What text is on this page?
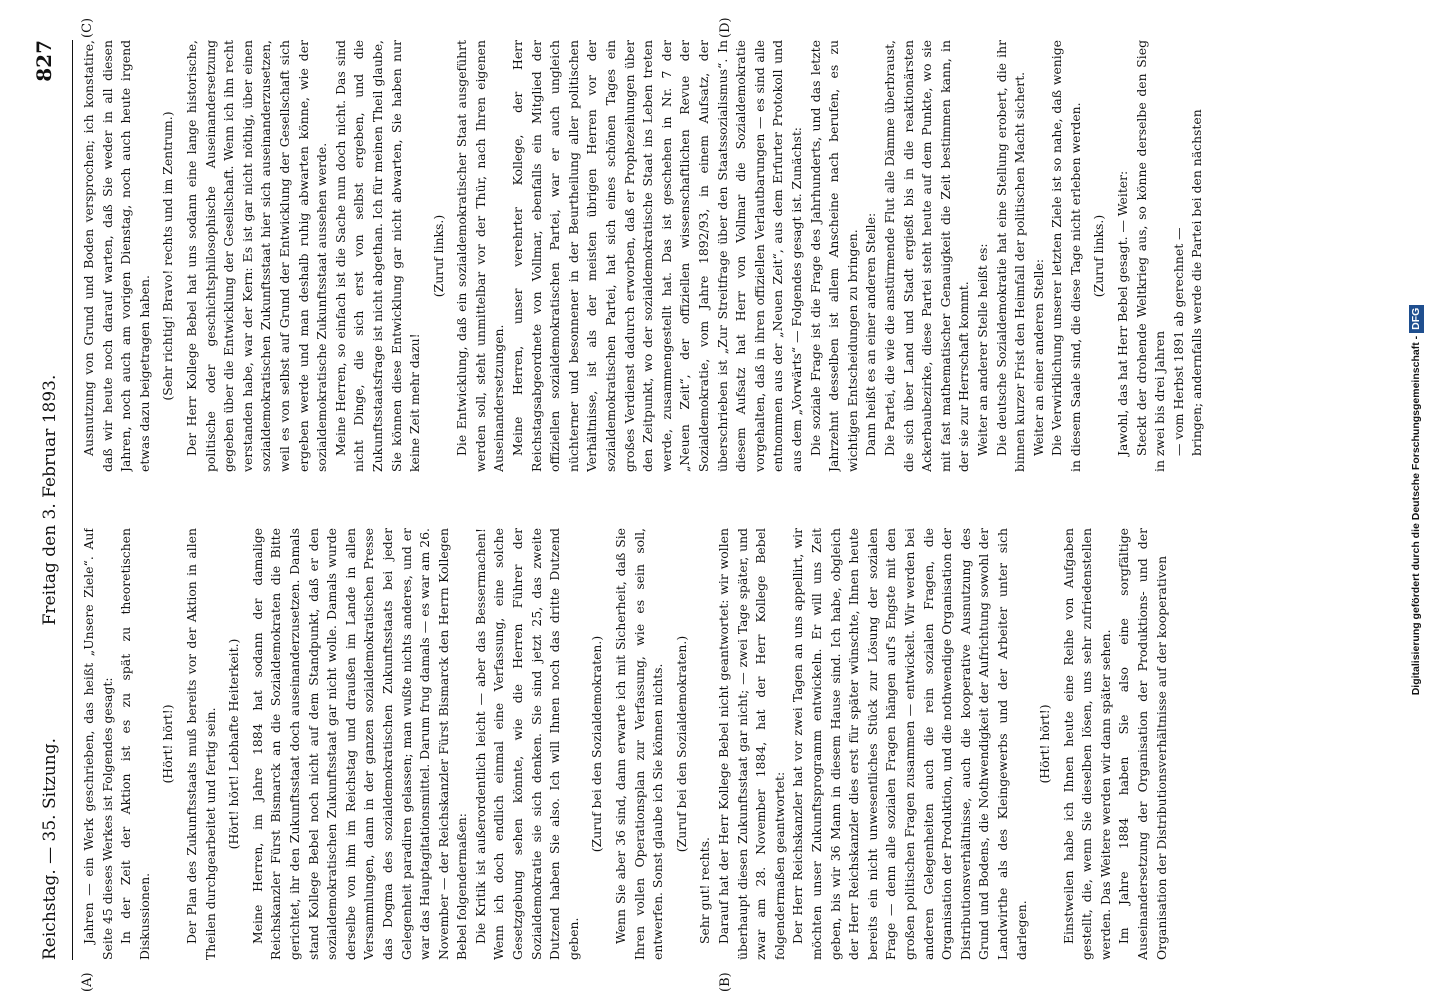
Reichstag. — 35. Sitzung.
Freitag den 3. Februar 1893.
827
(A)	(B)
(C)	(D)

Jahren — ein Werk geschrieben, das heißt „Unsere Ziele“. Auf Seite 45 dieses Werkes ist Folgendes gesagt: In der Zeit der Aktion ist es zu spät zu theoretischen Diskussionen.

(Hört! hört!) Der Plan des Zukunftsstaats muß bereits vor der Aktion in allen Theilen durchgearbeitet und fertig sein. (Hört! hört! Lebhafte Heiterkeit.) Meine Herren, im Jahre 1884 hat sodann der damalige Reichskanzler Fürst Bismarck an die Sozialdemokraten die Bitte gerichtet, ihr den Zukunftsstaat doch auseinanderzusetzen. Damals stand Kollege Bebel noch nicht auf dem Standpunkt, daß er den sozialdemokratischen Zukunftsstaat gar nicht wolle. Damals wurde derselbe von ihm im Reichstag und draußen im Lande in allen Versammlungen, dann in der ganzen sozialdemokratischen Presse das Dogma des sozialdemokratischen Zukunftsstaats bei jeder Gelegenheit paradiren gelassen; man wußte nichts anderes, und er war das Hauptagitationsmittel. Darum frug damals — es war am 26. November — der Reichskanzler Fürst Bismarck den Herrn Kollegen Bebel folgendermaßen: Die Kritik ist außerordentlich leicht — aber das Bessermachen! Wenn ich doch endlich einmal eine Verfassung, eine solche Gesetzgebung sehen könnte, wie die Herren Führer der Sozialdemokratie sie sich denken. Sie sind jetzt 25, das zweite Dutzend haben Sie also. Ich will Ihnen noch das dritte Dutzend geben.

(Zuruf bei den Sozialdemokraten.) Wenn Sie aber 36 sind, dann erwarte ich mit Sicherheit, daß Sie Ihren vollen Operationsplan zur Verfassung, wie es sein soll, entwerfen. Sonst glaube ich Sie können nichts. (Zuruf bei den Sozialdemokraten.)

Sehr gut! rechts. Darauf hat der Herr Kollege Bebel nicht geantwortet: wir wollen überhaupt diesen Zukunftsstaat gar nicht; — zwei Tage später, und zwar am 28. November 1884, hat der Herr Kollege Bebel folgendermaßen geantwortet: Der Herr Reichskanzler hat vor zwei Tagen an uns appellirt, wir möchten unser Zukunftsprogramm entwickeln. Er will uns Zeit geben, bis wir 36 Mann in diesem Hause sind. Ich habe, obgleich der Herr Reichskanzler dies erst für später wünschte, Ihnen heute bereits ein nicht unwesentliches Stück zur Lösung der sozialen Frage — denn alle sozialen Fragen hängen auf's Engste mit den großen politischen Fragen zusammen — entwickelt. Wir werden bei anderen Gelegenheiten auch die rein sozialen Fragen, die Organisation der Produktion, und die nothwendige Organisation der Distributionsverhältnisse, auch die kooperative Ausnutzung des Grund und Bodens, die Nothwendigkeit der Aufrichtung sowohl der Landwirthe als des Kleingewerbs und der Arbeiter unter sich darlegen.

(Hört! hört!) Einstweilen habe ich Ihnen heute eine Reihe von Aufgaben gestellt, die, wenn Sie dieselben lösen, uns sehr zufriedenstellen werden. Das Weitere werden wir dann später sehen. Im Jahre 1884 haben Sie also eine sorgfältige Auseinandersetzung der Organisation der Produktions- und der Organisation der Distributionsverhältnisse auf der kooperativen

Ausnutzung von Grund und Boden versprochen; ich konstatire, daß wir heute noch darauf warten, daß Sie weder in all diesen Jahren, noch auch am vorigen Dienstag, noch auch heute irgend etwas dazu beigetragen haben. (Sehr richtig! Bravo! rechts und im Zentrum.) Der Herr Kollege Bebel hat uns sodann eine lange historische, politische oder geschichtsphilosophische Auseinandersetzung gegeben über die Entwicklung der Gesellschaft. Wenn ich ihn recht verstanden habe, war der Kern: Es ist gar nicht nöthig, über einen sozialdemokratischen Zukunftsstaat hier sich auseinanderzusetzen, weil es von selbst auf Grund der Entwicklung der Gesellschaft sich ergeben werde und man deshalb ruhig abwarten könne, wie der sozialdemokratische Zukunftsstaat aussehen werde. Meine Herren, so einfach ist die Sache nun doch nicht. Das sind nicht Dinge, die sich erst von selbst ergeben, und die Zukunftsstaatsfrage ist nicht abgethan. Ich für meinen Theil glaube, Sie können diese Entwicklung gar nicht abwarten, Sie haben nur keine Zeit mehr dazu!

(Zuruf links.) Die Entwicklung, daß ein sozialdemokratischer Staat ausgeführt werden soll, steht unmittelbar vor der Thür, nach Ihren eigenen Auseinandersetzungen. Meine Herren, unser verehrter Kollege, der Herr Reichstagsabgeordnete von Vollmar, ebenfalls ein Mitglied der offiziellen sozialdemokratischen Partei, war er auch ungleich nüchterner und besonnener in der Beurtheilung aller politischen Verhältnisse, ist als der meisten übrigen Herren vor der sozialdemokratischen Partei, hat sich eines schönen Tages ein großes Verdienst dadurch erworben, daß er Prophezeihungen über den Zeitpunkt, wo der sozialdemokratische Staat ins Leben treten werde, zusammengestellt hat. Das ist geschehen in Nr. 7 der „Neuen Zeit“, der offiziellen wissenschaftlichen Revue der Sozialdemokratie, vom Jahre 1892/93, in einem Aufsatz, der überschrieben ist „Zur Streitfrage über den Staatssozialismus“. In diesem Aufsatz hat Herr von Vollmar die Sozialdemokratie vorgehalten, daß in ihren offiziellen Verlautbarungen — es sind alle entnommen aus der „Neuen Zeit“, aus dem Erfurter Protokoll und aus dem „Vorwärts“ — Folgendes gesagt ist. Zunächst: Die soziale Frage ist die Frage des Jahrhunderts, und das letzte Jahrzehnt desselben ist allem Anscheine nach berufen, es zu wichtigen Entscheidungen zu bringen. Dann heißt es an einer anderen Stelle: Die Partei, die wie die anstürmende Flut alle Dämme überbraust, die sich über Land und Stadt ergießt bis in die reaktionärsten Ackerbaubezirke, diese Partei steht heute auf dem Punkte, wo sie mit fast mathematischer Genauigkeit die Zeit bestimmen kann, in der sie zur Herrschaft kommt. Weiter an anderer Stelle heißt es: Die deutsche Sozialdemokratie hat eine Stellung erobert, die ihr binnen kurzer Frist den Heimfall der politischen Macht sichert. Weiter an einer anderen Stelle: Die Verwirklichung unserer letzten Ziele ist so nahe, daß wenige in diesem Saale sind, die diese Tage nicht erleben werden. (Zuruf links.) Jawohl, das hat Herr Bebel gesagt. — Weiter: Steckt der drohende Weltkrieg aus, so könne derselbe den Sieg in zwei bis drei Jahren — vom Herbst 1891 ab gerechnet — bringen; andernfalls werde die Partei bei den nächsten

Digitalisierung gefördert durch die Deutsche Forschungsgemeinschaft -DFG
